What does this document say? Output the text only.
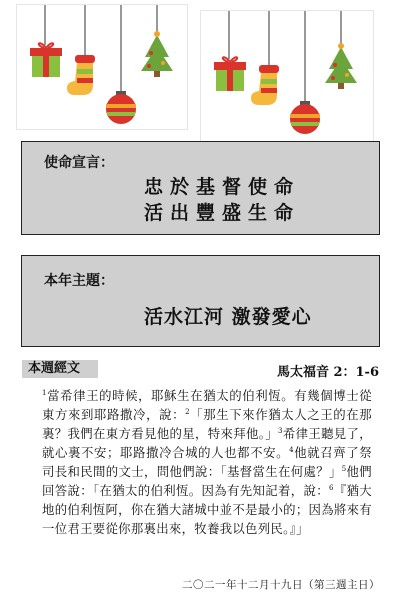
使命宣言：
忠於基督使命
活出豐盛生命
本年主題：
活水江河 激發愛心
本週經文	馬太福音 2：1-6
$^1$當希律王的時候，耶穌生在猶太的伯利恆。有幾個博士從東方來到耶路撒冷，說：$^2$「那生下來作猶太人之王的在那裏？我們在東方看見他的星，特來拜他。」$^3$希律王聽見了，就心裏不安；耶路撒冷合城的人也都不安。$^4$他就召齊了祭司長和民間的文士，問他們說：「基督當生在何處？」$^5$他們回答說：「在猶太的伯利恆。因為有先知記着，說：$^6$『猶大地的伯利恆阿，你在猶大諸城中並不是最小的；因為將來有一位君王要從你那裏出來，牧養我以色列民。』」
二〇二一年十二月十九日（第三週主日）
